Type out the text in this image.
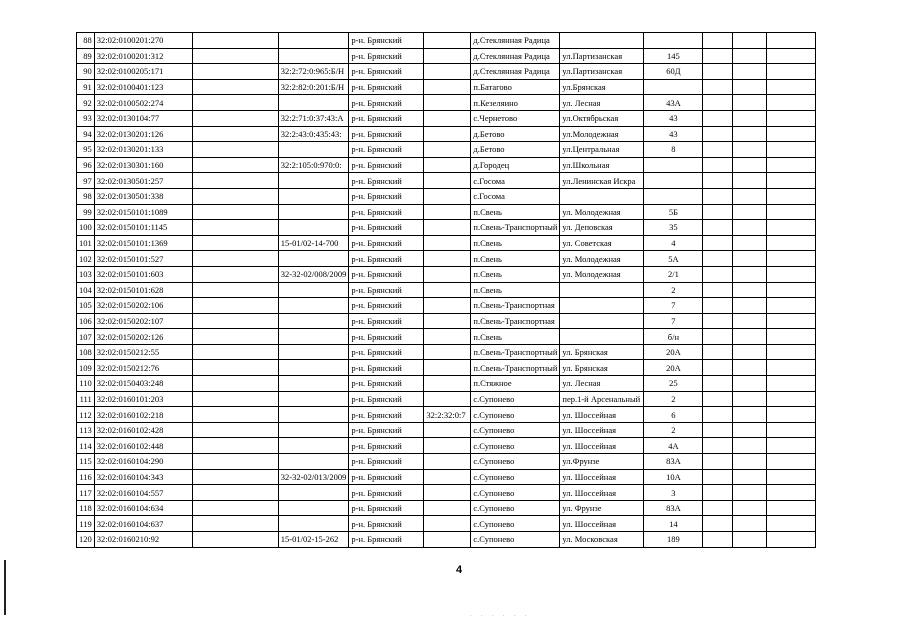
88	32:02:0100201:270			р-н. Брянский		д.Стеклянная Радица					
89	32:02:0100201:312			р-н. Брянский		д.Стеклянная Радица	ул.Партизанская	145			
90	32:02:0100205:171		32:2:72:0:965:Б/Н	р-н. Брянский		д.Стеклянная Радица	ул.Партизанская	60Д			
91	32:02:0100401:123		32:2:82:0:201:Б/Н	р-н. Брянский		п.Батагово	ул.Брянская				
92	32:02:0100502:274			р-н. Брянский		п.Кезеляино	ул. Лесная	43А			
93	32:02:0130104:77		32:2:71:0:37:43:А	р-н. Брянский		с.Чернетово	ул.Октябрьская	43			
94	32:02:0130201:126		32:2:43:0:435:43:	р-н. Брянский		д.Бетово	ул.Молодежная	43			
95	32:02:0130201:133			р-н. Брянский		д.Бетово	ул.Центральная	8			
96	32:02:0130301:160		32:2:105:0:970:0:	р-н. Брянский		д.Городец	ул.Школьная				
97	32:02:0130501:257			р-н. Брянский		с.Госома	ул.Ленинская Искра				
98	32:02:0130501:338			р-н. Брянский		с.Госома					
99	32:02:0150101:1089			р-н. Брянский		п.Свень	ул. Молодежная	5Б			
100	32:02:0150101:1145			р-н. Брянский		п.Свень-Транспортный	ул. Деповская	35			
101	32:02:0150101:1369		15-01/02-14-700	р-н. Брянский		п.Свень	ул. Советская	4			
102	32:02:0150101:527			р-н. Брянский		п.Свень	ул. Молодежная	5А			
103	32:02:0150101:603		32-32-02/008/2009	р-н. Брянский		п.Свень	ул. Молодежная	2/1			
104	32:02:0150101:628			р-н. Брянский		п.Свень		2			
105	32:02:0150202:106			р-н. Брянский		п.Свень-Транспортная		7			
106	32:02:0150202:107			р-н. Брянский		п.Свень-Транспортная		7			
107	32:02:0150202:126			р-н. Брянский		п.Свень		б/н			
108	32:02:0150212:55			р-н. Брянский		п.Свень-Транспортный	ул. Брянская	20А			
109	32:02:0150212:76			р-н. Брянский		п.Свень-Транспортный	ул. Брянская	20А			
110	32:02:0150403:248			р-н. Брянский		п.Стяжное	ул. Лесная	25			
111	32:02:0160101:203			р-н. Брянский		с.Супонево	пер.1-й Арсенальный	2			
112	32:02:0160102:218			р-н. Брянский	32:2:32:0:7	с.Супонево	ул. Шоссейная	6			
113	32:02:0160102:428			р-н. Брянский		с.Супонево	ул. Шоссейная	2			
114	32:02:0160102:448			р-н. Брянский		с.Супонево	ул. Шоссейная	4А			
115	32:02:0160104:290			р-н. Брянский		с.Супонево	ул.Фрунзе	83А			
116	32:02:0160104:343		32-32-02/013/2009	р-н. Брянский		с.Супонево	ул. Шоссейная	10А			
117	32:02:0160104:557			р-н. Брянский		с.Супонево	ул. Шоссейная	3			
118	32:02:0160104:634			р-н. Брянский		с.Супонево	ул. Фрунзе	83А			
119	32:02:0160104:637			р-н. Брянский		с.Супонево	ул. Шоссейная	14			
120	32:02:0160210:92		15-01/02-15-262	р-н. Брянский		с.Супонево	ул. Московская	189			
4
. . . . . .
